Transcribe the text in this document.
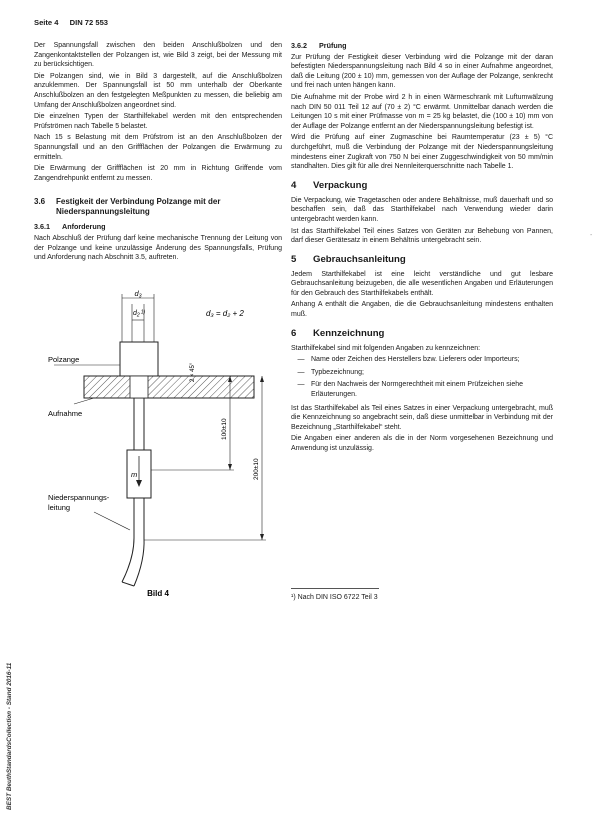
Seite 4 DIN 72 553

Der Spannungsfall zwischen den beiden Anschlußbolzen und den Zangenkontaktstellen der Polzangen ist, wie Bild 3 zeigt, bei der Messung mit zu berücksichtigen.

Die Polzangen sind, wie in Bild 3 dargestellt, auf die Anschlußbolzen anzuklemmen. Der Spannungsfall ist 50 mm unterhalb der Oberkante Anschlußbolzen an den festgelegten Meßpunkten zu messen, die beliebig am Umfang der Anschlußbolzen angeordnet sind.

Die einzelnen Typen der Starthilfekabel werden mit den entsprechenden Prüfströmen nach Tabelle 5 belastet.

Nach 15 s Belastung mit dem Prüfstrom ist an den Anschlußbolzen der Spannungsfall und an den Griffflächen der Polzangen die Erwärmung zu ermitteln.

Die Erwärmung der Griffflächen ist 20 mm in Richtung Griffende vom Zangendrehpunkt entfernt zu messen.

3.6	Festigkeit der Verbindung Polzange mit der Niederspannungsleitung
3.6.1	Anforderung

Nach Abschluß der Prüfung darf keine mechanische Trennung der Leitung von der Polzange und keine unzulässige Änderung des Spannungsfalls, Prüfung und Anforderung nach Abschnitt 3.5, auftreten.

$d_3$
$d_2^{1)}$	d₃ = d₂ + 2
Polzange
Aufnahme
2 × 45°
m
Niederspannungs-
leitung
100±10
200±10
Bild 4
3.6.2	Prüfung

Zur Prüfung der Festigkeit dieser Verbindung wird die Polzange mit der daran befestigten Niederspannungsleitung nach Bild 4 so in einer Aufnahme angeordnet, daß die Leitung (200 ± 10) mm, gemessen von der Auflage der Polzange, senkrecht und frei nach unten hängen kann.

Die Aufnahme mit der Probe wird 2 h in einen Wärmeschrank mit Luftumwälzung nach DIN 50 011 Teil 12 auf (70 ± 2) °C erwärmt. Unmittelbar danach werden die Leitungen 10 s mit einer Prüfmasse von m = 25 kg belastet, die (100 ± 10) mm von der Auflage der Polzange entfernt an der Niederspannungsleitung befestigt ist.

Wird die Prüfung auf einer Zugmaschine bei Raumtemperatur (23 ± 5) °C durchgeführt, muß die Verbindung der Polzange mit der Niederspannungsleitung mindestens einer Zugkraft von 750 N bei einer Zuggeschwindigkeit von 50 mm/min standhalten. Dies gilt für alle drei Nennleiterquerschnitte nach Tabelle 1.

4	Verpackung

Die Verpackung, wie Tragetaschen oder andere Behältnisse, muß dauerhaft und so beschaffen sein, daß das Starthilfekabel nach Verwendung wieder darin untergebracht werden kann.

Ist das Starthilfekabel Teil eines Satzes von Geräten zur Behebung von Pannen, darf dieser Gerätesatz in einem Behältnis untergebracht sein.

5	Gebrauchsanleitung

Jedem Starthilfekabel ist eine leicht verständliche und gut lesbare Gebrauchsanleitung beizugeben, die alle wesentlichen Angaben und Erläuterungen für den Gebrauch des Starthilfekabels enthält.

Anhang A enthält die Angaben, die die Gebrauchsanleitung mindestens enthalten muß.

6	Kennzeichnung

Starthilfekabel sind mit folgenden Angaben zu kennzeichnen:

— Name oder Zeichen des Herstellers bzw. Lieferers oder Importeurs;
— Typbezeichnung;
— Für den Nachweis der Normgerechtheit mit einem Prüfzeichen siehe Erläuterungen.

Ist das Starthilfekabel als Teil eines Satzes in einer Verpackung untergebracht, muß die Kennzeichnung so angebracht sein, daß diese unmittelbar in Verbindung mit der Bezeichnung „Starthilfekabel“ steht.

Die Angaben einer anderen als die in der Norm vorgesehenen Bezeichnung und Anwendung ist unzulässig.

¹) Nach DIN ISO 6722 Teil 3
-
BEST BeuthStandardsCollection - Stand 2016-11
